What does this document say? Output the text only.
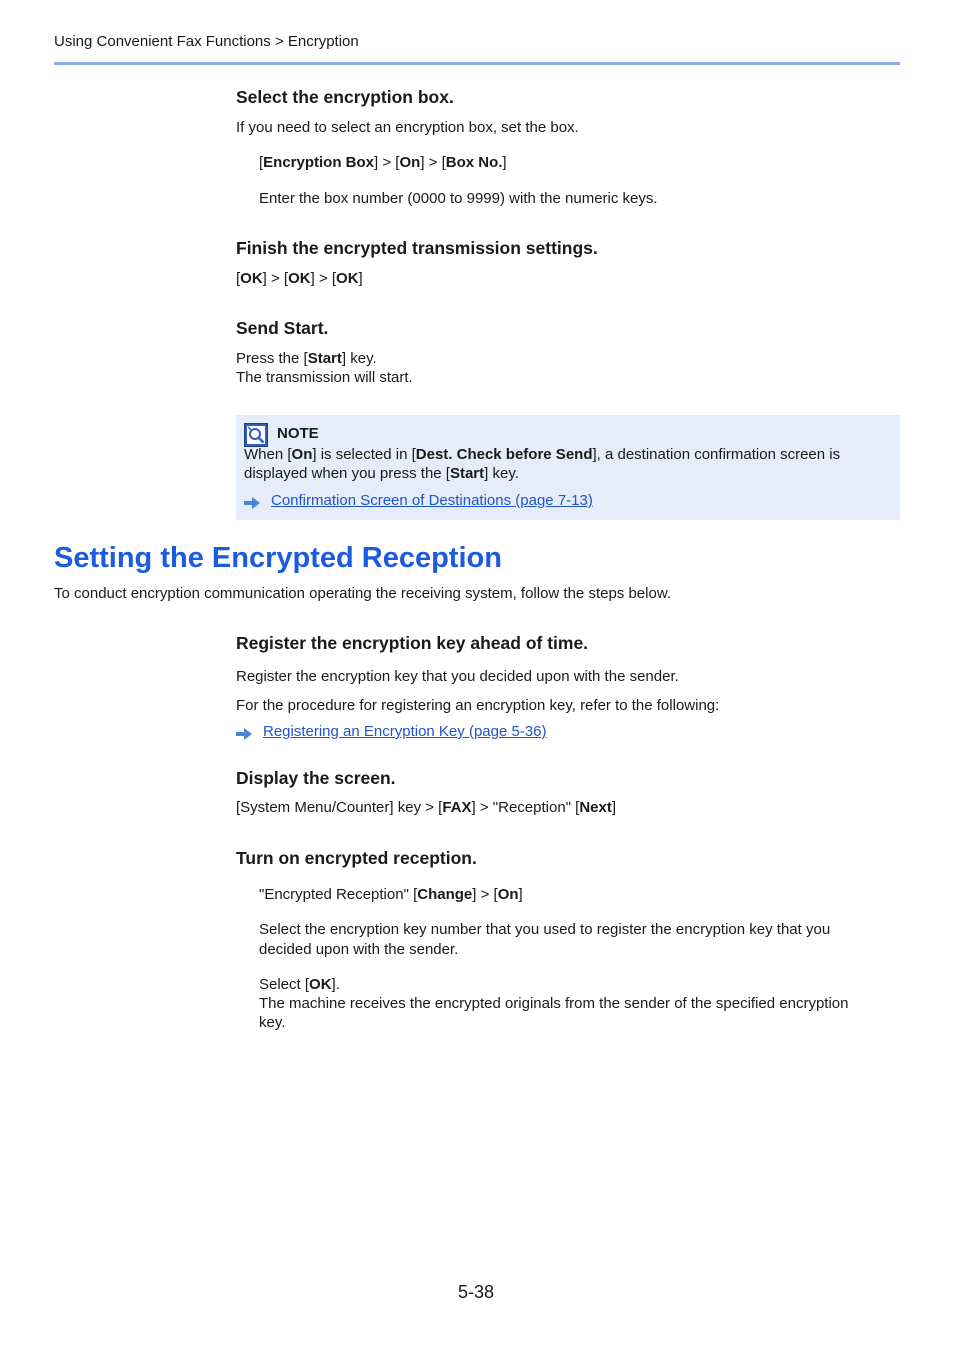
Using Convenient Fax Functions > Encryption
Select the encryption box.
If you need to select an encryption box, set the box.
[Encryption Box] > [On] > [Box No.]
Enter the box number (0000 to 9999) with the numeric keys.
Finish the encrypted transmission settings.
[OK] > [OK] > [OK]
Send Start.
Press the [Start] key.
The transmission will start.
NOTE
When [On] is selected in [Dest. Check before Send], a destination confirmation screen is
displayed when you press the [Start] key.
Confirmation Screen of Destinations (page 7-13)
Setting the Encrypted Reception
To conduct encryption communication operating the receiving system, follow the steps below.
Register the encryption key ahead of time.
Register the encryption key that you decided upon with the sender.
For the procedure for registering an encryption key, refer to the following:
Registering an Encryption Key (page 5-36)
Display the screen.
[System Menu/Counter] key > [FAX] > "Reception" [Next]
Turn on encrypted reception.
"Encrypted Reception" [Change] > [On]
Select the encryption key number that you used to register the encryption key that you
decided upon with the sender.
Select [OK].
The machine receives the encrypted originals from the sender of the specified encryption
key.
5-38
